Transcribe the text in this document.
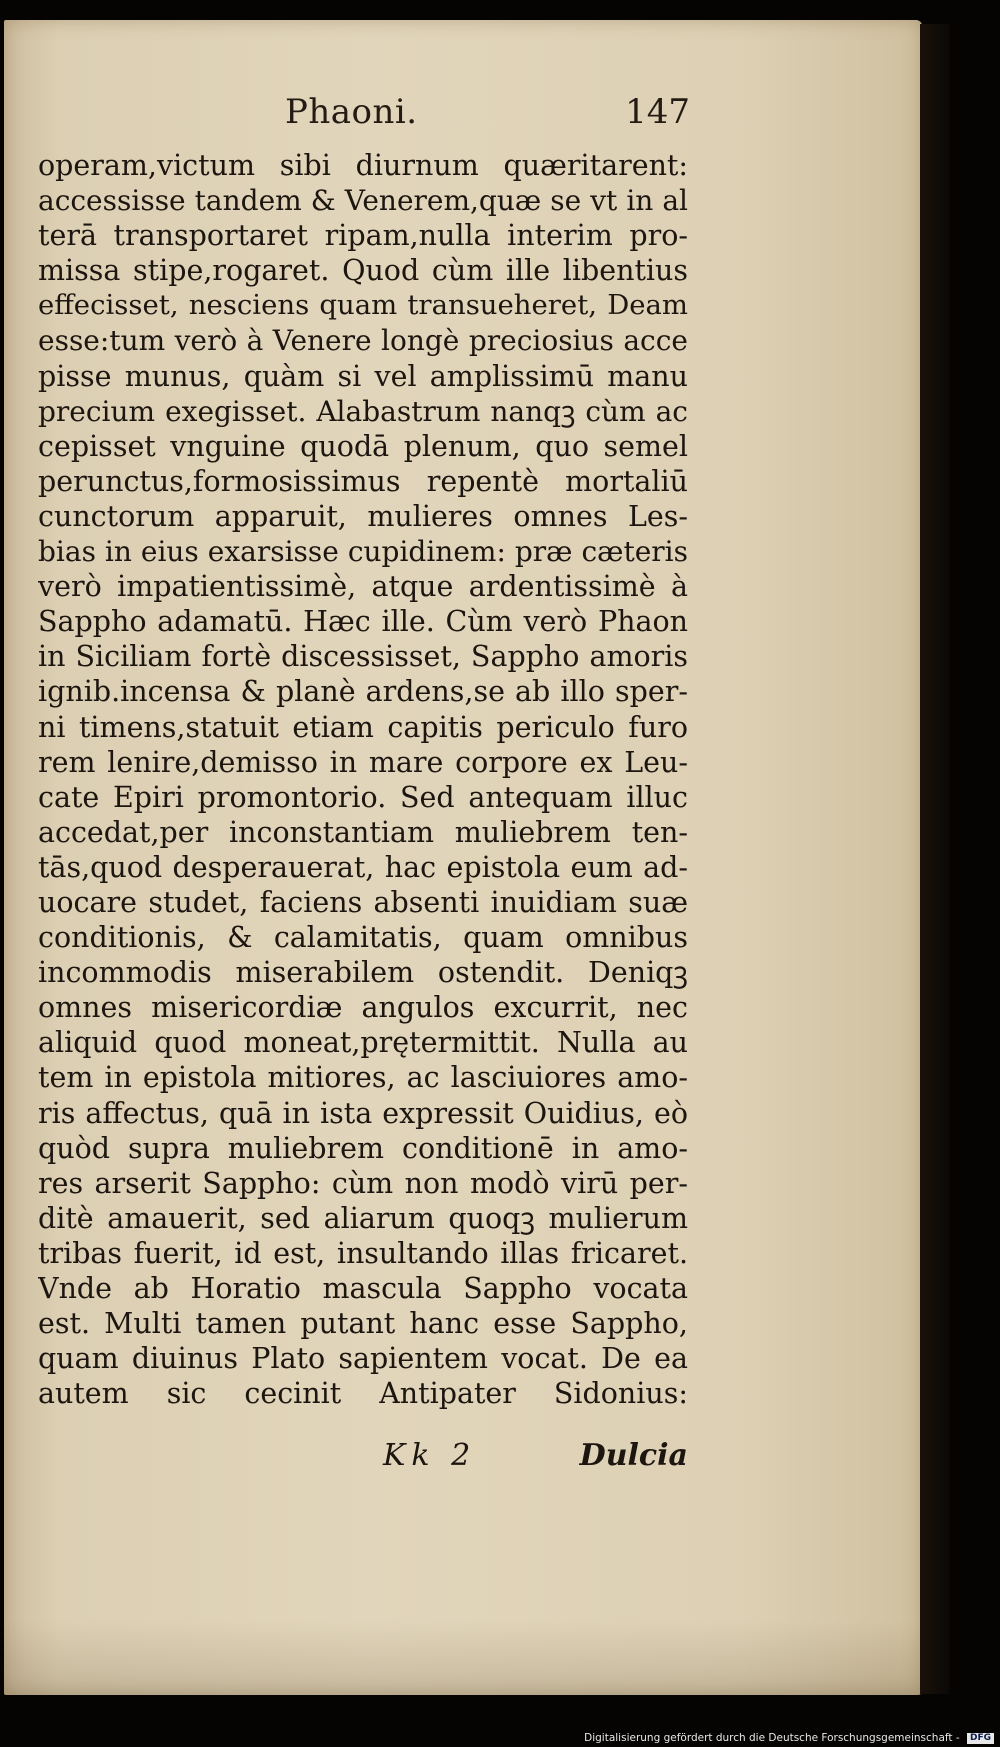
Phaoni.	147
operam,victum sibi diurnum quæritarent:
accessisse tandem & Venerem,quæ se vt in al
terā transportaret ripam,nulla interim pro-
missa stipe,rogaret. Quod cùm ille libentius
effecisset, nesciens quam transueheret, Deam
esse:tum verò à Venere longè preciosius acce
pisse munus, quàm si vel amplissimū manu
precium exegisset. Alabastrum nanqꝫ cùm ac
cepisset vnguine quodā plenum, quo semel
perunctus,formosissimus repentè mortaliū
cunctorum apparuit, mulieres omnes Les-
bias in eius exarsisse cupidinem: præ cæteris
verò impatientissimè, atque ardentissimè à
Sappho adamatū. Hæc ille. Cùm verò Phaon
in Siciliam fortè discessisset, Sappho amoris
ignib.incensa & planè ardens,se ab illo sper-
ni timens,statuit etiam capitis periculo furo
rem lenire,demisso in mare corpore ex Leu-
cate Epiri promontorio. Sed antequam illuc
accedat,per inconstantiam muliebrem ten-
tās,quod desperauerat, hac epistola eum ad-
uocare studet, faciens absenti inuidiam suæ
conditionis, & calamitatis, quam omnibus
incommodis miserabilem ostendit. Deniqꝫ
omnes misericordiæ angulos excurrit, nec
aliquid quod moneat,prętermittit. Nulla au
tem in epistola mitiores, ac lasciuiores amo-
ris affectus, quā in ista expressit Ouidius, eò
quòd supra muliebrem conditionē in amo-
res arserit Sappho: cùm non modò virū per-
ditè amauerit, sed aliarum quoqꝫ mulierum
tribas fuerit, id est, insultando illas fricaret.
Vnde ab Horatio mascula Sappho vocata
est. Multi tamen putant hanc esse Sappho,
quam diuinus Plato sapientem vocat. De ea
autem sic cecinit Antipater Sidonius:
Kk 2	Dulcia
Digitalisierung gefördert durch die Deutsche Forschungsgemeinschaft - DFG
